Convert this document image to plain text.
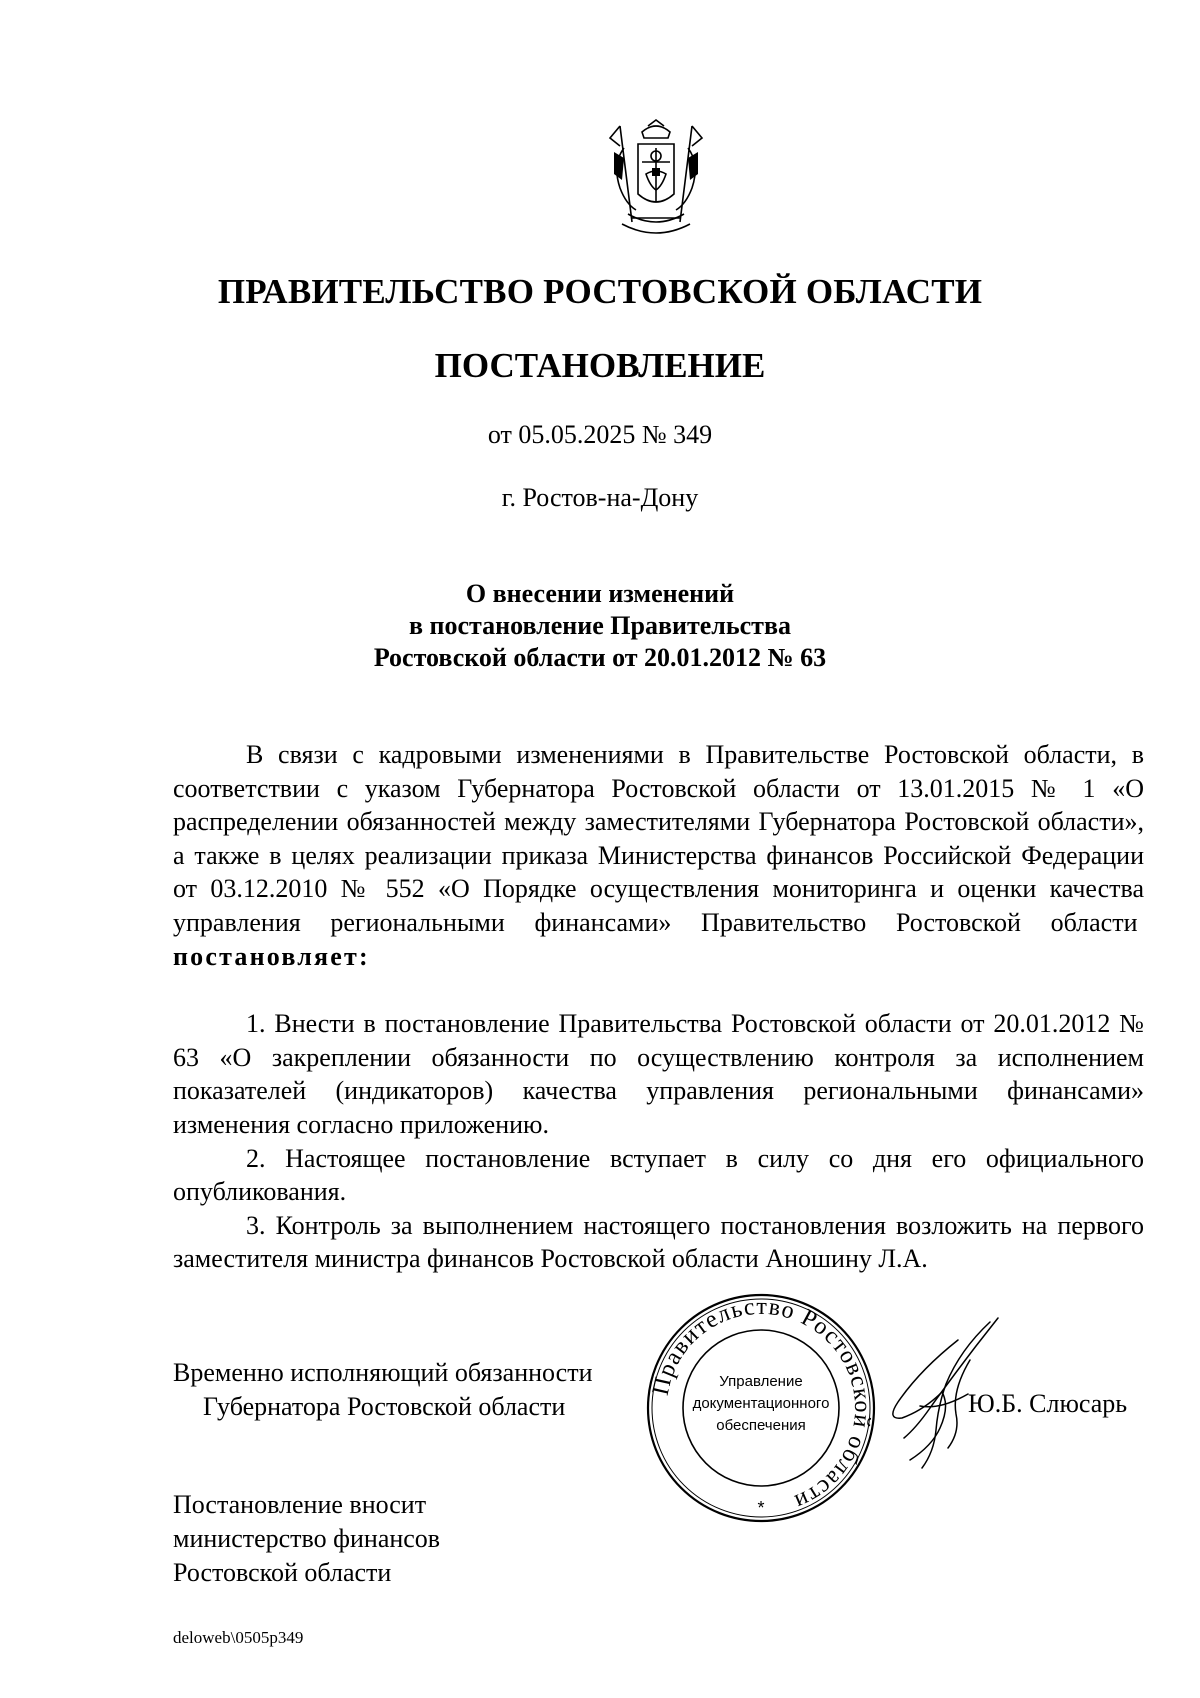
ПРАВИТЕЛЬСТВО РОСТОВСКОЙ ОБЛАСТИ
ПОСТАНОВЛЕНИЕ
от 05.05.2025 № 349
г. Ростов-на-Дону
О внесении изменений
в постановление Правительства
Ростовской области от 20.01.2012 № 63

В связи с кадровыми изменениями в Правительстве Ростовской области, в соответствии с указом Губернатора Ростовской области от 13.01.2015 № 1 «О распределении обязанностей между заместителями Губернатора Ростовской области», а также в целях реализации приказа Министерства финансов Российской Федерации от 03.12.2010 № 552 «О Порядке осуществления мониторинга и оценки качества управления региональными финансами» Правительство Ростовской области  постановляет:

1. Внести в постановление Правительства Ростовской области от 20.01.2012 № 63 «О закреплении обязанности по осуществлению контроля за исполнением показателей (индикаторов) качества управления региональными финансами» изменения согласно приложению.

2. Настоящее постановление вступает в силу со дня его официального опубликования.

3. Контроль за выполнением настоящего постановления возложить на первого заместителя министра финансов Ростовской области Аношину Л.А.

Временно исполняющий обязанности
Губернатора Ростовской области
Правительство Ростовской области
Управление
документационного
обеспечения
*
Ю.Б. Слюсарь
Постановление вносит
министерство финансов
Ростовской области
deloweb\0505p349
